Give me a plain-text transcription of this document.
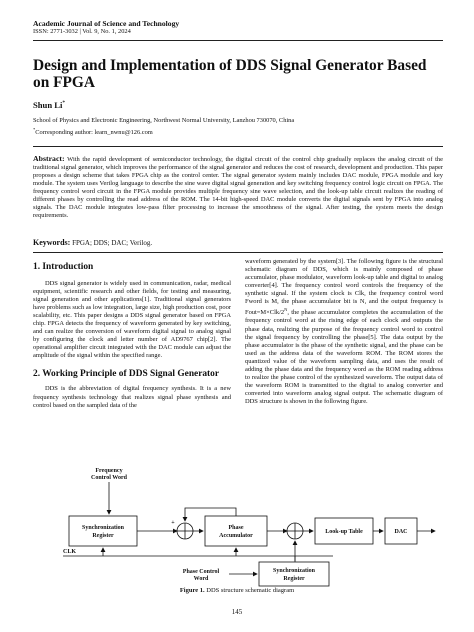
Academic Journal of Science and Technology
ISSN: 2771-3032 | Vol. 9, No. 1, 2024
Design and Implementation of DDS Signal Generator Based on FPGA
Shun Li*
School of Physics and Electronic Engineering, Northwest Normal University, Lanzhou 730070, China
*Corresponding author: learn_nwnu@126.com
Abstract: With the rapid development of semiconductor technology, the digital circuit of the control chip gradually replaces the analog circuit of the traditional signal generator, which improves the performance of the signal generator and reduces the cost of research, development and production. This paper proposes a design scheme that takes FPGA chip as the control center. The signal generator system mainly includes DAC module, FPGA module and key module. The system uses Verilog language to describe the sine wave digital signal generation and key switching frequency control logic circuit on FPGA. The frequency control word circuit in the FPGA module provides multiple frequency sine wave selection, and the look-up table circuit realizes the reading of different phases by controlling the read address of the ROM. The 14-bit high-speed DAC module converts the digital signals sent by FPGA into analog signals. The DAC module integrates low-pass filter processing to increase the smoothness of the signal. After testing, the system meets the design requirements.
Keywords: FPGA; DDS; DAC; Verilog.
1. Introduction

DDS signal generator is widely used in communication, radar, medical equipment, scientific research and other fields, for testing and measuring, signal generation and other applications[1]. Traditional signal generators have problems such as low integration, large size, high production cost, poor scalability, etc. This paper designs a DDS signal generator based on FPGA chip. FPGA detects the frequency of waveform generated by key switching, and can realize the conversion of waveform digital signal to analog signal by configuring the clock and letter number of AD9767 chip[2]. The operational amplifier circuit integrated with the DAC module can adjust the amplitude of the signal within the specified range.

2. Working Principle of DDS Signal Generator

DDS is the abbreviation of digital frequency synthesis. It is a new frequency synthesis technology that realizes signal phase synthesis and control based on the sampled data of the

waveform generated by the system[3]. The following figure is the structural schematic diagram of DDS, which is mainly composed of phase accumulator, phase modulator, waveform look-up table and digital to analog converter[4]. The frequency control word controls the frequency of the synthetic signal. If the system clock is Clk, the frequency control word Fword is M, the phase accumulator bit is N, and the output frequency is $Fout=M\times Clk/2^N$, the phase accumulator completes the accumulation of the frequency control word at the rising edge of each clock and outputs the phase data, realizing the purpose of the frequency control word to control the signal frequency by controlling the phase[5]. The data output by the phase accumulator is the phase of the synthetic signal, and the phase can be used as the address data of the waveform ROM. The ROM stores the quantized value of the waveform sampling data, and uses the result of adding the phase data and the frequency word as the ROM reading address to realize the phase control of the synthesized waveform. The output data of the waveform ROM is transmitted to the digital to analog converter and converted into waveform analog signal output. The schematic diagram of DDS structure is shown in the following figure.

Frequency
Control Word
Synchronization
Register
Phase
Accumulator
Look-up Table	DAC
CLK
Synchronization
Register
Phase Control
Word
+
Figure 1. DDS structure schematic diagram
145
